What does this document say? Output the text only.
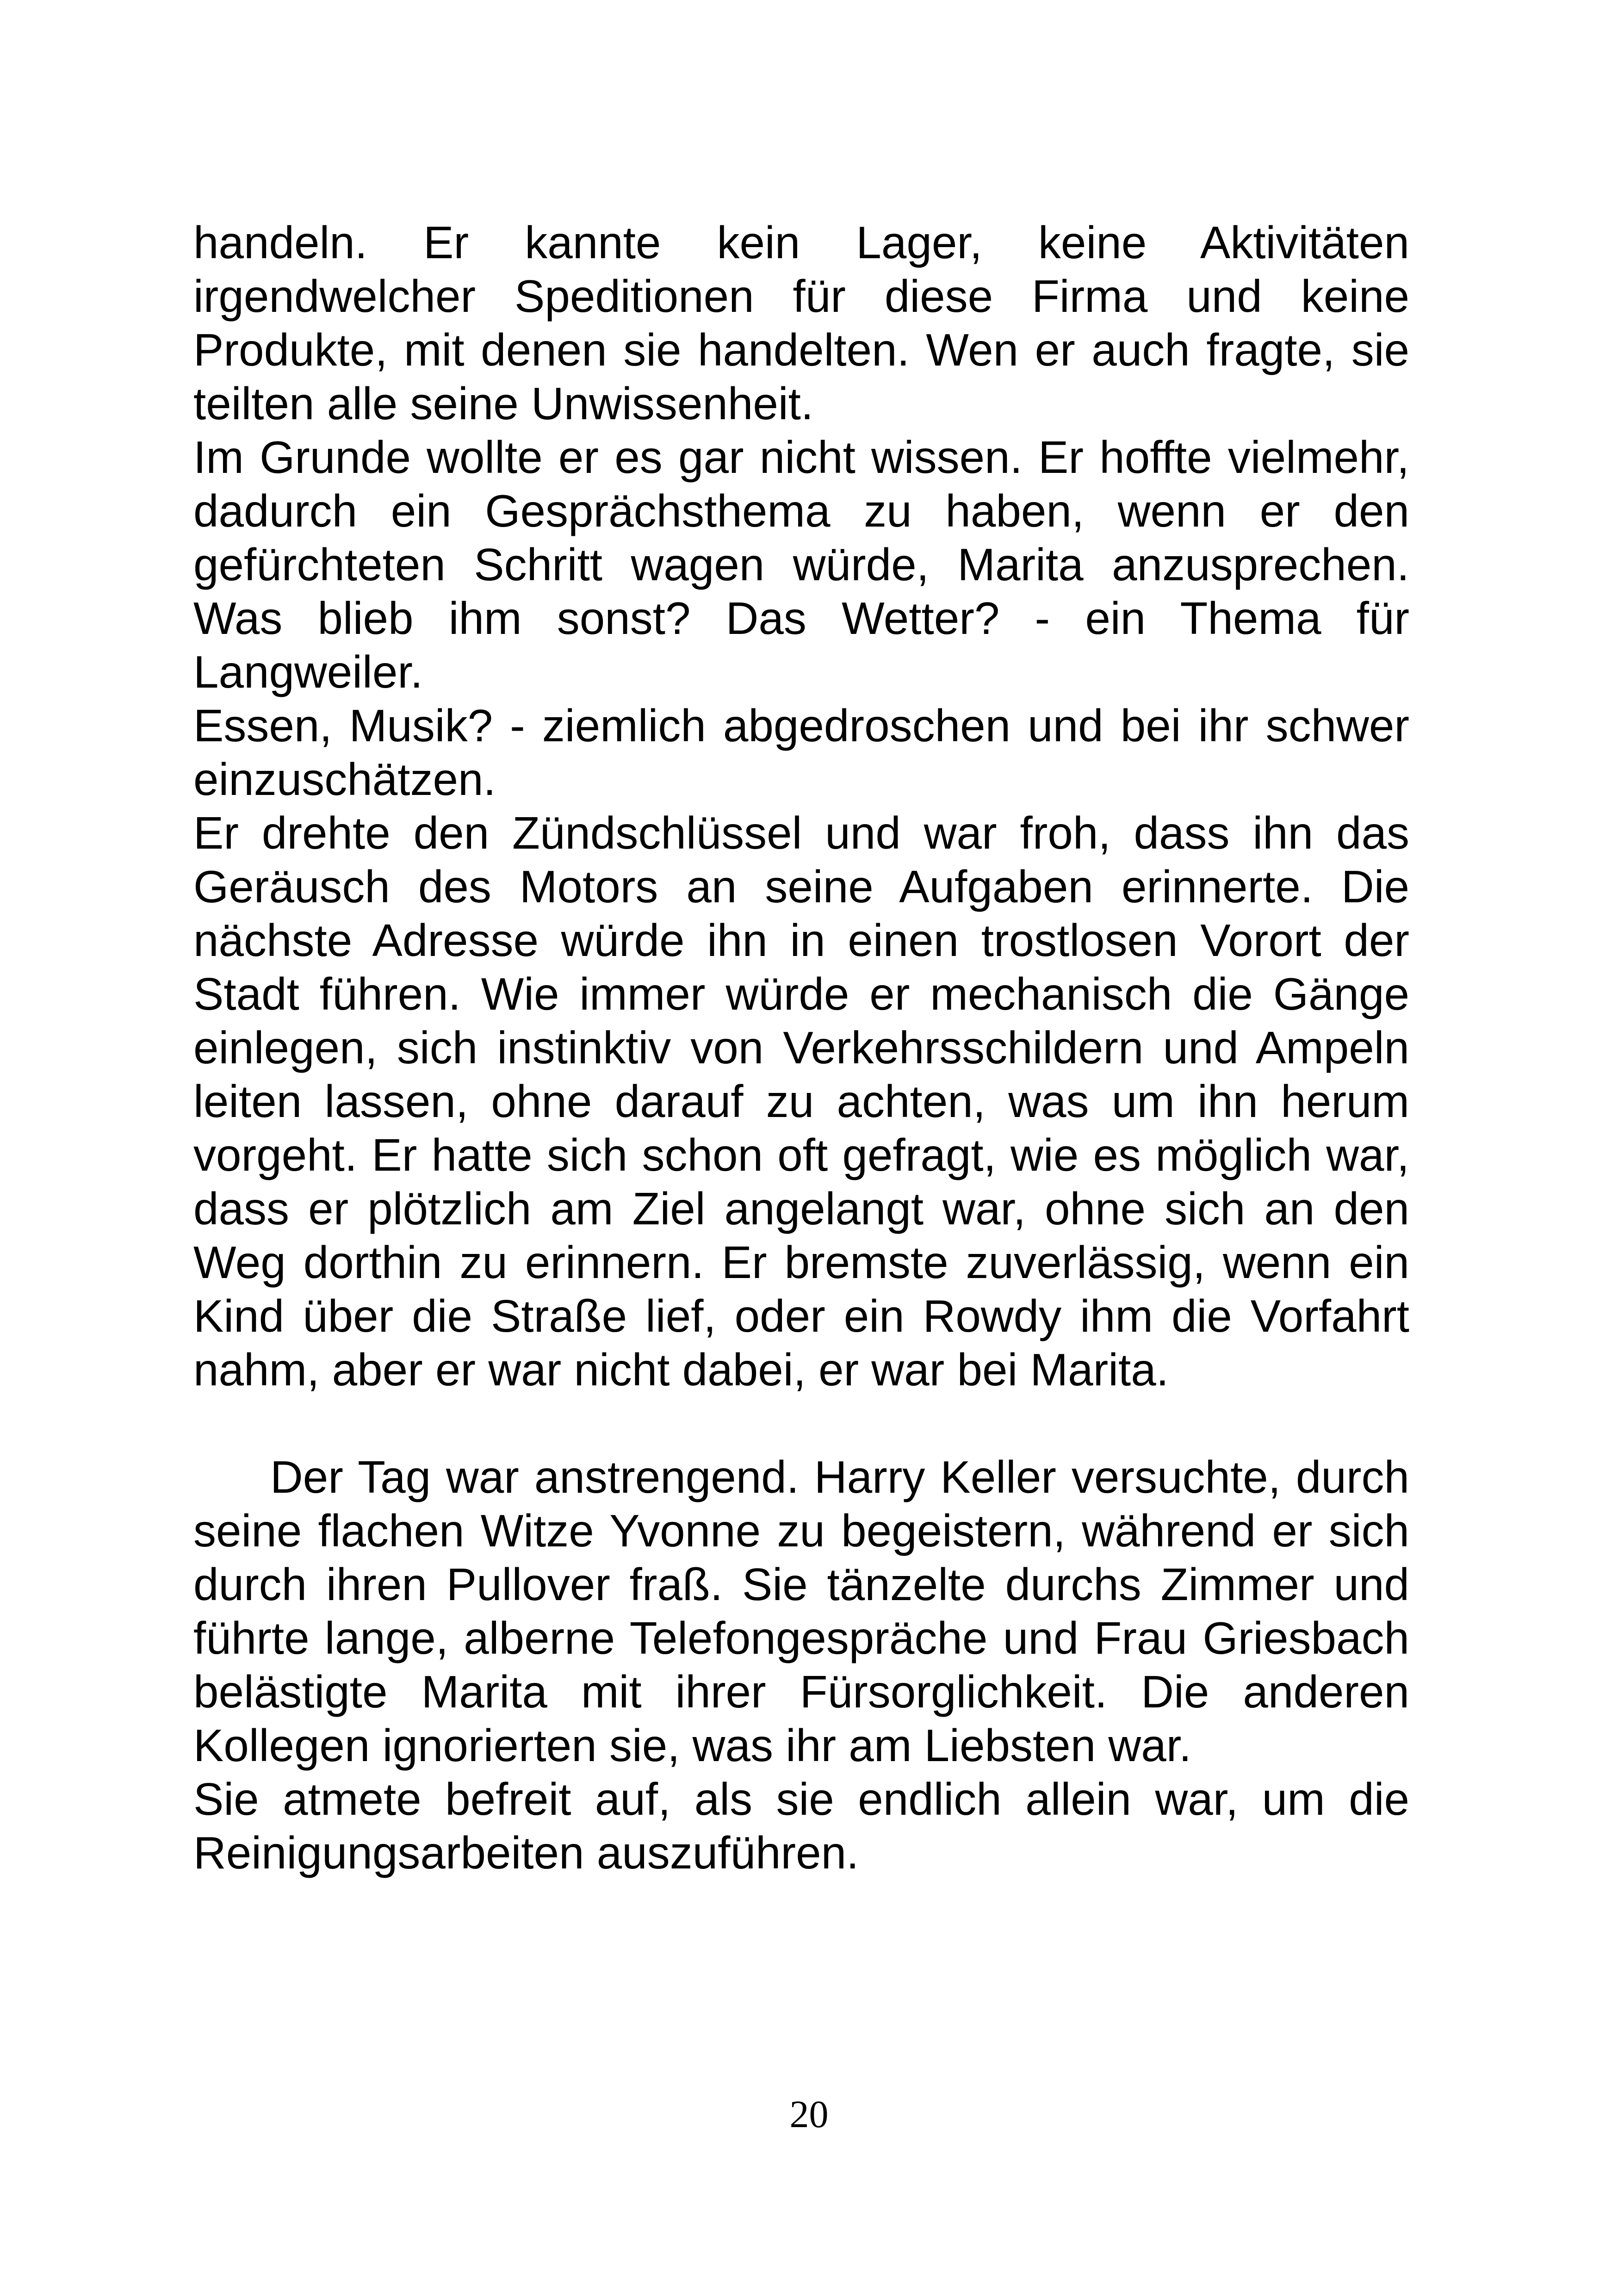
handeln. Er kannte kein Lager, keine Aktivitäten irgendwelcher Speditionen für diese Firma und keine Produkte, mit denen sie handelten. Wen er auch fragte, sie teilten alle seine Unwissenheit.

Im Grunde wollte er es gar nicht wissen. Er hoffte vielmehr, dadurch ein Gesprächsthema zu haben, wenn er den gefürchteten Schritt wagen würde, Marita anzusprechen. Was blieb ihm sonst? Das Wetter? - ein Thema für Langweiler.

Essen, Musik? - ziemlich abgedroschen und bei ihr schwer einzuschätzen.

Er drehte den Zündschlüssel und war froh, dass ihn das Geräusch des Motors an seine Aufgaben erinnerte. Die nächste Adresse würde ihn in einen trostlosen Vorort der Stadt führen. Wie immer würde er mechanisch die Gänge einlegen, sich instinktiv von Verkehrsschildern und Ampeln leiten lassen, ohne darauf zu achten, was um ihn herum vorgeht. Er hatte sich schon oft gefragt, wie es möglich war, dass er plötzlich am Ziel angelangt war, ohne sich an den Weg dorthin zu erinnern. Er bremste zuverlässig, wenn ein Kind über die Straße lief, oder ein Rowdy ihm die Vorfahrt nahm, aber er war nicht dabei, er war bei Marita.

Der Tag war anstrengend. Harry Keller versuchte, durch seine flachen Witze Yvonne zu begeistern, während er sich durch ihren Pullover fraß. Sie tänzelte durchs Zimmer und führte lange, alberne Telefongespräche und Frau Griesbach belästigte Marita mit ihrer Fürsorglichkeit. Die anderen Kollegen ignorierten sie, was ihr am Liebsten war.

Sie atmete befreit auf, als sie endlich allein war, um die Reinigungsarbeiten auszuführen.

20
